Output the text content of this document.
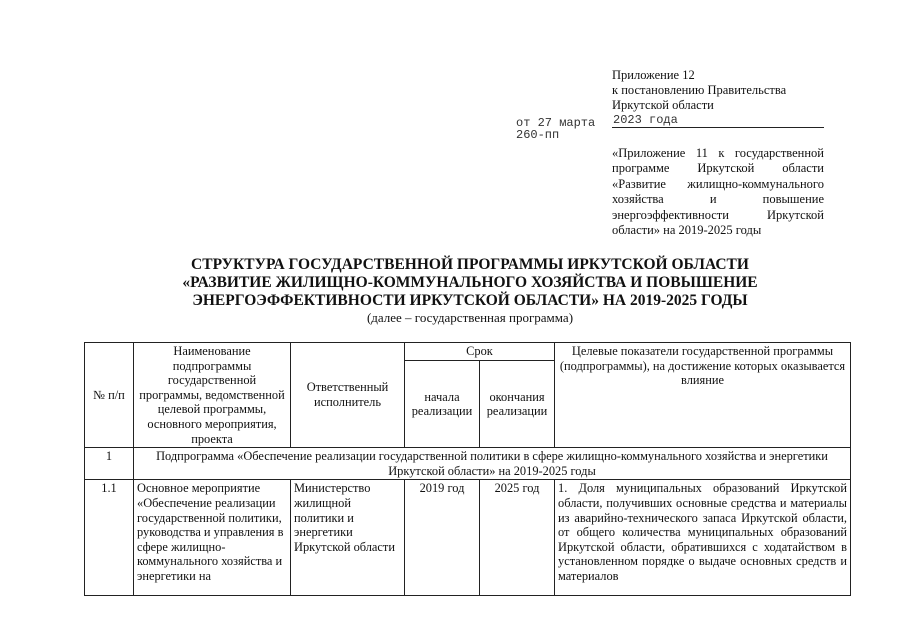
Приложение 12
к постановлению Правительства
Иркутской области
от 27 марта
260-пп
2023 года
«Приложение 11 к государственной программе Иркутской области «Развитие жилищно-коммунального хозяйства и повышение энергоэффективности Иркутской области» на 2019-2025 годы
СТРУКТУРА ГОСУДАРСТВЕННОЙ ПРОГРАММЫ ИРКУТСКОЙ ОБЛАСТИ
«РАЗВИТИЕ ЖИЛИЩНО-КОММУНАЛЬНОГО ХОЗЯЙСТВА И ПОВЫШЕНИЕ
ЭНЕРГОЭФФЕКТИВНОСТИ ИРКУТСКОЙ ОБЛАСТИ» НА 2019-2025 ГОДЫ
(далее – государственная программа)
№ п/п	Наименование подпрограммы государственной программы, ведомственной целевой программы, основного мероприятия, проекта	Ответственный исполнитель	Срок		Целевые показатели государственной программы (подпрограммы), на достижение которых оказывается влияние
			начала реализации	окончания реализации	
1	Подпрограмма «Обеспечение реализации государственной политики в сфере жилищно-коммунального хозяйства и энергетики Иркутской области» на 2019-2025 годы				
1.1	Основное мероприятие «Обеспечение реализации государственной политики, руководства и управления в сфере жилищно-коммунального хозяйства и энергетики на	Министерство жилищной политики и энергетики Иркутской области	2019 год	2025 год	1. Доля муниципальных образований Иркутской области, получивших основные средства и материалы из аварийно-технического запаса Иркутской области, от общего количества муниципальных образований Иркутской области, обратившихся с ходатайством в установленном порядке о выдаче основных средств и материалов
